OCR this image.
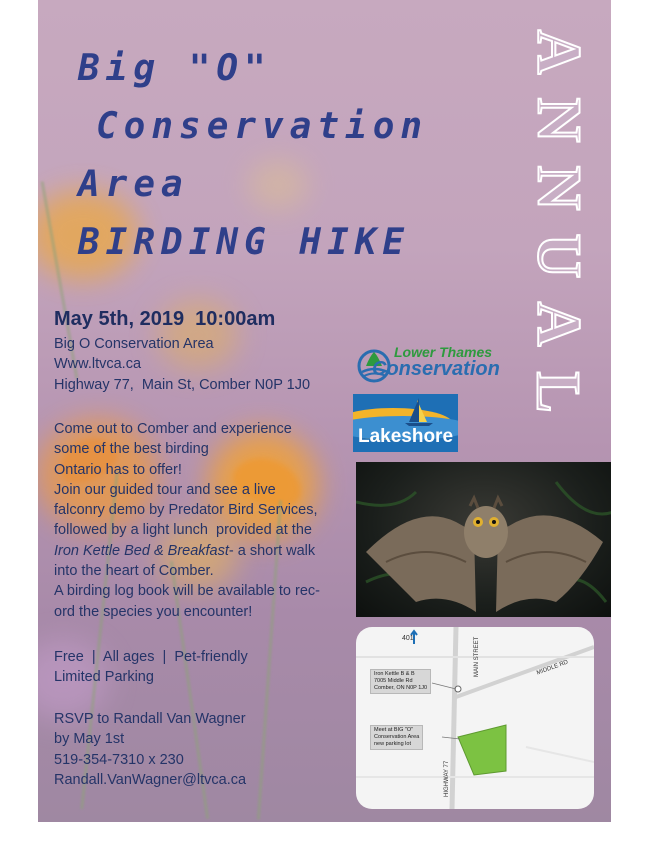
Big "O"
Conservation
Area
BIRDING HIKE
A
N
N
U
A
L
May 5th, 2019  10:00am
Big O Conservation Area
Www.ltvca.ca
Highway 77,  Main St, Comber N0P 1J0
Come out to Comber and experience
some of the best birding
Ontario has to offer!
Join our guided tour and see a live
falconry demo by Predator Bird Services,
followed by a light lunch  provided at the
Iron Kettle Bed & Breakfast- a short walk
into the heart of Comber.
A birding log book will be available to rec-
ord the species you encounter!
Free  |  All ages  |  Pet-friendly
Limited Parking
RSVP to Randall Van Wagner
by May 1st
519-354-7310 x 230
Randall.VanWagner@ltvca.ca
Lower Thames
Conservation
Lakeshore
401	MAIN STREET	MIDDLE RD
HIGHWAY 77
Iron Kettle B & B
7005 Middle Rd
Comber, ON N0P 1J0
Meet at BIG "O"
Conservation Area
new parking lot
